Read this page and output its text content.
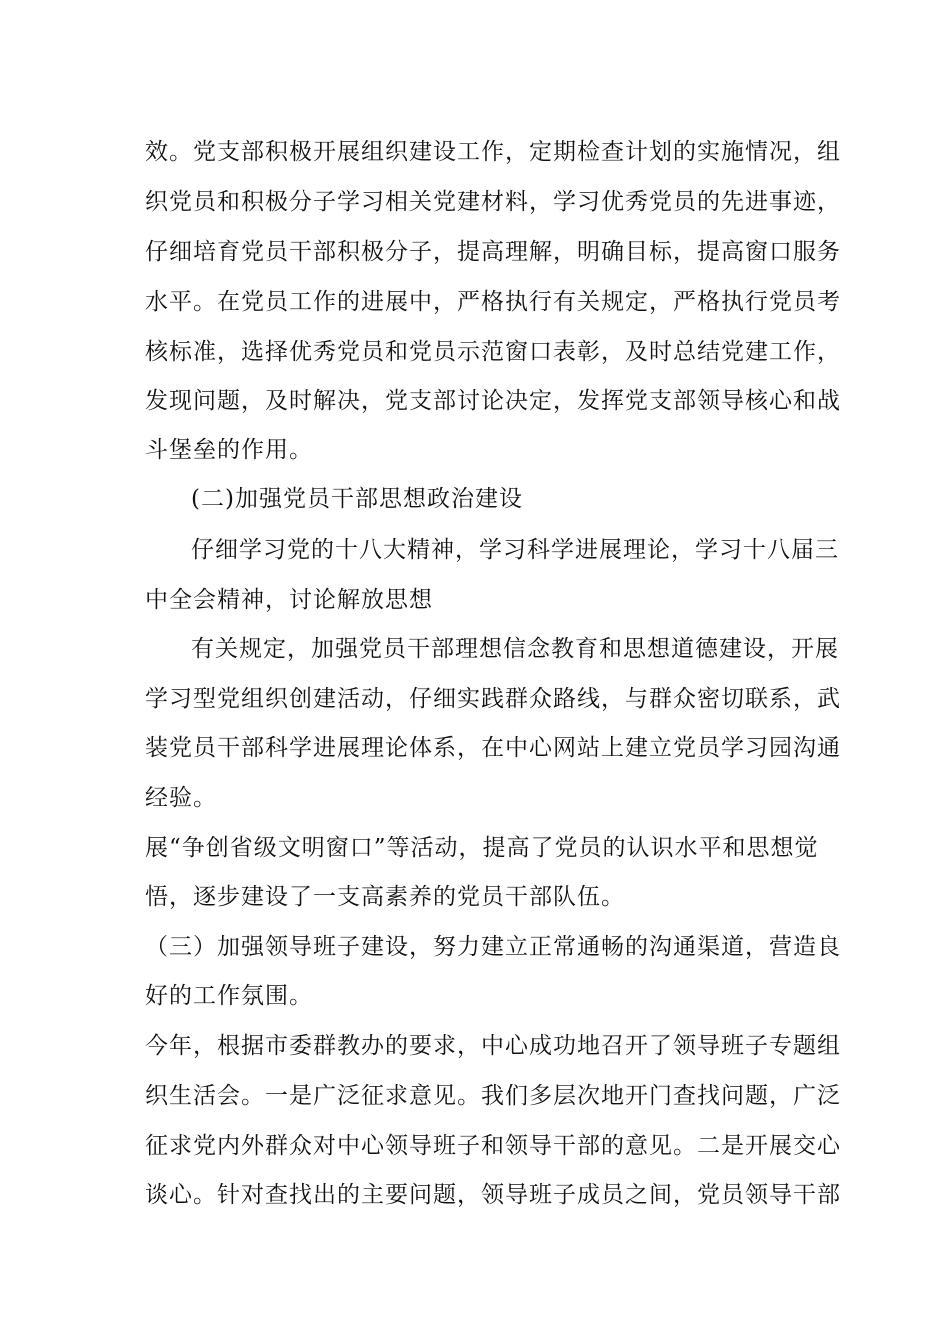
效。党支部积极开展组织建设工作，定期检查计划的实施情况，组

织党员和积极分子学习相关党建材料，学习优秀党员的先进事迹，

仔细培育党员干部积极分子，提高理解，明确目标，提高窗口服务

水平。在党员工作的进展中，严格执行有关规定，严格执行党员考

核标准，选择优秀党员和党员示范窗口表彰，及时总结党建工作，

发现问题，及时解决，党支部讨论决定，发挥党支部领导核心和战

斗堡垒的作用。

(二)加强党员干部思想政治建设

仔细学习党的十八大精神，学习科学进展理论，学习十八届三

中全会精神，讨论解放思想

有关规定，加强党员干部理想信念教育和思想道德建设，开展

学习型党组织创建活动，仔细实践群众路线，与群众密切联系，武

装党员干部科学进展理论体系，在中心网站上建立党员学习园沟通

经验。

展“争创省级文明窗口”等活动，提高了党员的认识水平和思想觉

悟，逐步建设了一支高素养的党员干部队伍。

（三）加强领导班子建设，努力建立正常通畅的沟通渠道，营造良

好的工作氛围。

今年，根据市委群教办的要求，中心成功地召开了领导班子专题组

织生活会。一是广泛征求意见。我们多层次地开门查找问题，广泛

征求党内外群众对中心领导班子和领导干部的意见。二是开展交心

谈心。针对查找出的主要问题，领导班子成员之间，党员领导干部
